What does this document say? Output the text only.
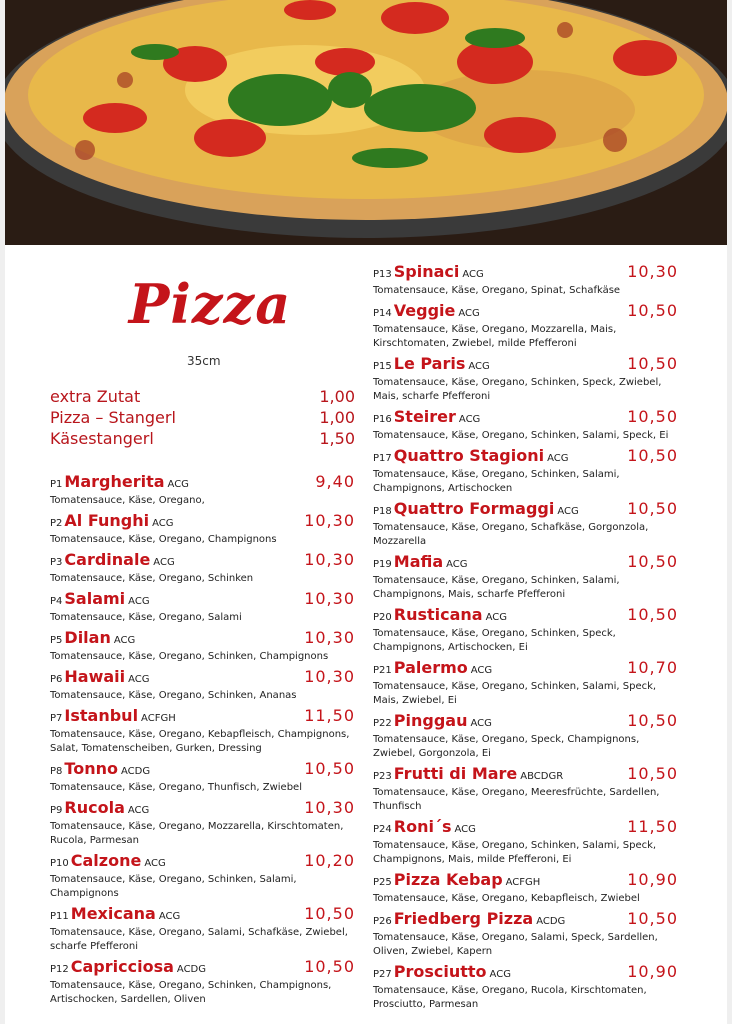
Pizza
35cm
extra Zutat	1,00
Pizza – Stangerl	1,00
Käsestangerl	1,50
P1 Margherita ACG	9,40
Tomatensauce, Käse, Oregano,
P2 Al Funghi ACG	10,30
Tomatensauce, Käse, Oregano, Champignons
P3 Cardinale ACG	10,30
Tomatensauce, Käse, Oregano, Schinken
P4 Salami ACG	10,30
Tomatensauce, Käse, Oregano, Salami
P5 Dilan ACG	10,30
Tomatensauce, Käse, Oregano, Schinken, Champignons
P6 Hawaii ACG	10,30
Tomatensauce, Käse, Oregano, Schinken, Ananas
P7 Istanbul ACFGH	11,50
Tomatensauce, Käse, Oregano, Kebapfleisch, Champignons, Salat, Tomatenscheiben, Gurken, Dressing
P8 Tonno ACDG	10,50
Tomatensauce, Käse, Oregano, Thunfisch, Zwiebel
P9 Rucola ACG	10,30
Tomatensauce, Käse, Oregano, Mozzarella, Kirschtomaten, Rucola, Parmesan
P10 Calzone ACG	10,20
Tomatensauce, Käse, Oregano, Schinken, Salami, Champignons
P11 Mexicana ACG	10,50
Tomatensauce, Käse, Oregano, Salami, Schafkäse, Zwiebel, scharfe Pfefferoni
P12 Capricciosa ACDG	10,50
Tomatensauce, Käse, Oregano, Schinken, Champignons, Artischocken, Sardellen, Oliven
P13 Spinaci ACG	10,30
Tomatensauce, Käse, Oregano, Spinat, Schafkäse
P14 Veggie ACG	10,50
Tomatensauce, Käse, Oregano, Mozzarella, Mais, Kirschtomaten, Zwiebel, milde Pfefferoni
P15 Le Paris ACG	10,50
Tomatensauce, Käse, Oregano, Schinken, Speck, Zwiebel, Mais, scharfe Pfefferoni
P16 Steirer ACG	10,50
Tomatensauce, Käse, Oregano, Schinken, Salami, Speck, Ei
P17 Quattro Stagioni ACG	10,50
Tomatensauce, Käse, Oregano, Schinken, Salami, Champignons, Artischocken
P18 Quattro Formaggi ACG	10,50
Tomatensauce, Käse, Oregano, Schafkäse, Gorgonzola, Mozzarella
P19 Mafia ACG	10,50
Tomatensauce, Käse, Oregano, Schinken, Salami, Champignons, Mais, scharfe Pfefferoni
P20 Rusticana ACG	10,50
Tomatensauce, Käse, Oregano, Schinken, Speck, Champignons, Artischocken, Ei
P21 Palermo ACG	10,70
Tomatensauce, Käse, Oregano, Schinken, Salami, Speck, Mais, Zwiebel, Ei
P22 Pinggau ACG	10,50
Tomatensauce, Käse, Oregano, Speck, Champignons, Zwiebel, Gorgonzola, Ei
P23 Frutti di Mare ABCDGR	10,50
Tomatensauce, Käse, Oregano, Meeresfrüchte, Sardellen, Thunfisch
P24 Roni´s ACG	11,50
Tomatensauce, Käse, Oregano, Schinken, Salami, Speck, Champignons, Mais, milde Pfefferoni, Ei
P25 Pizza Kebap ACFGH	10,90
Tomatensauce, Käse, Oregano, Kebapfleisch, Zwiebel
P26 Friedberg Pizza ACDG	10,50
Tomatensauce, Käse, Oregano, Salami, Speck, Sardellen, Oliven, Zwiebel, Kapern
P27 Prosciutto ACG	10,90
Tomatensauce, Käse, Oregano, Rucola, Kirschtomaten, Prosciutto, Parmesan
